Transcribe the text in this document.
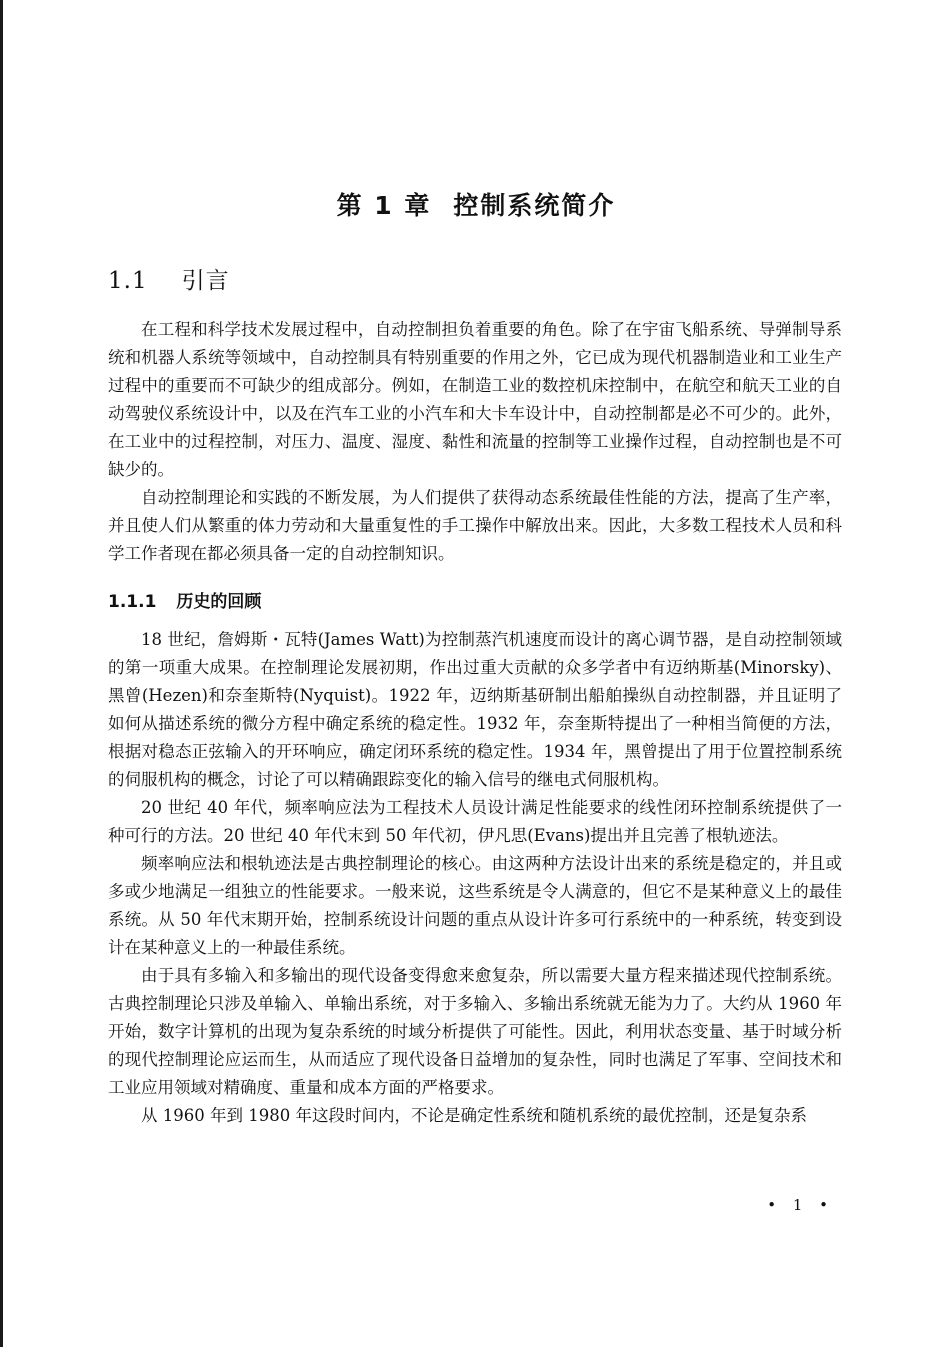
第 1 章 控制系统简介
1.1 引言

在工程和科学技术发展过程中，自动控制担负着重要的角色。除了在宇宙飞船系统、导弹制导系统和机器人系统等领域中，自动控制具有特别重要的作用之外，它已成为现代机器制造业和工业生产过程中的重要而不可缺少的组成部分。例如，在制造工业的数控机床控制中，在航空和航天工业的自动驾驶仪系统设计中，以及在汽车工业的小汽车和大卡车设计中，自动控制都是必不可少的。此外，在工业中的过程控制，对压力、温度、湿度、黏性和流量的控制等工业操作过程，自动控制也是不可缺少的。

自动控制理论和实践的不断发展，为人们提供了获得动态系统最佳性能的方法，提高了生产率，并且使人们从繁重的体力劳动和大量重复性的手工操作中解放出来。因此，大多数工程技术人员和科学工作者现在都必须具备一定的自动控制知识。

1.1.1 历史的回顾

18 世纪，詹姆斯・瓦特(James Watt)为控制蒸汽机速度而设计的离心调节器，是自动控制领域的第一项重大成果。在控制理论发展初期，作出过重大贡献的众多学者中有迈纳斯基(Minorsky)、黑曾(Hezen)和奈奎斯特(Nyquist)。1922 年，迈纳斯基研制出船舶操纵自动控制器，并且证明了如何从描述系统的微分方程中确定系统的稳定性。1932 年，奈奎斯特提出了一种相当简便的方法，根据对稳态正弦输入的开环响应，确定闭环系统的稳定性。1934 年，黑曾提出了用于位置控制系统的伺服机构的概念，讨论了可以精确跟踪变化的输入信号的继电式伺服机构。

20 世纪 40 年代，频率响应法为工程技术人员设计满足性能要求的线性闭环控制系统提供了一种可行的方法。20 世纪 40 年代末到 50 年代初，伊凡思(Evans)提出并且完善了根轨迹法。

频率响应法和根轨迹法是古典控制理论的核心。由这两种方法设计出来的系统是稳定的，并且或多或少地满足一组独立的性能要求。一般来说，这些系统是令人满意的，但它不是某种意义上的最佳系统。从 50 年代末期开始，控制系统设计问题的重点从设计许多可行系统中的一种系统，转变到设计在某种意义上的一种最佳系统。

由于具有多输入和多输出的现代设备变得愈来愈复杂，所以需要大量方程来描述现代控制系统。古典控制理论只涉及单输入、单输出系统，对于多输入、多输出系统就无能为力了。大约从 1960 年开始，数字计算机的出现为复杂系统的时域分析提供了可能性。因此，利用状态变量、基于时域分析的现代控制理论应运而生，从而适应了现代设备日益增加的复杂性，同时也满足了军事、空间技术和工业应用领域对精确度、重量和成本方面的严格要求。

从 1960 年到 1980 年这段时间内，不论是确定性系统和随机系统的最优控制，还是复杂系

• 1 •
